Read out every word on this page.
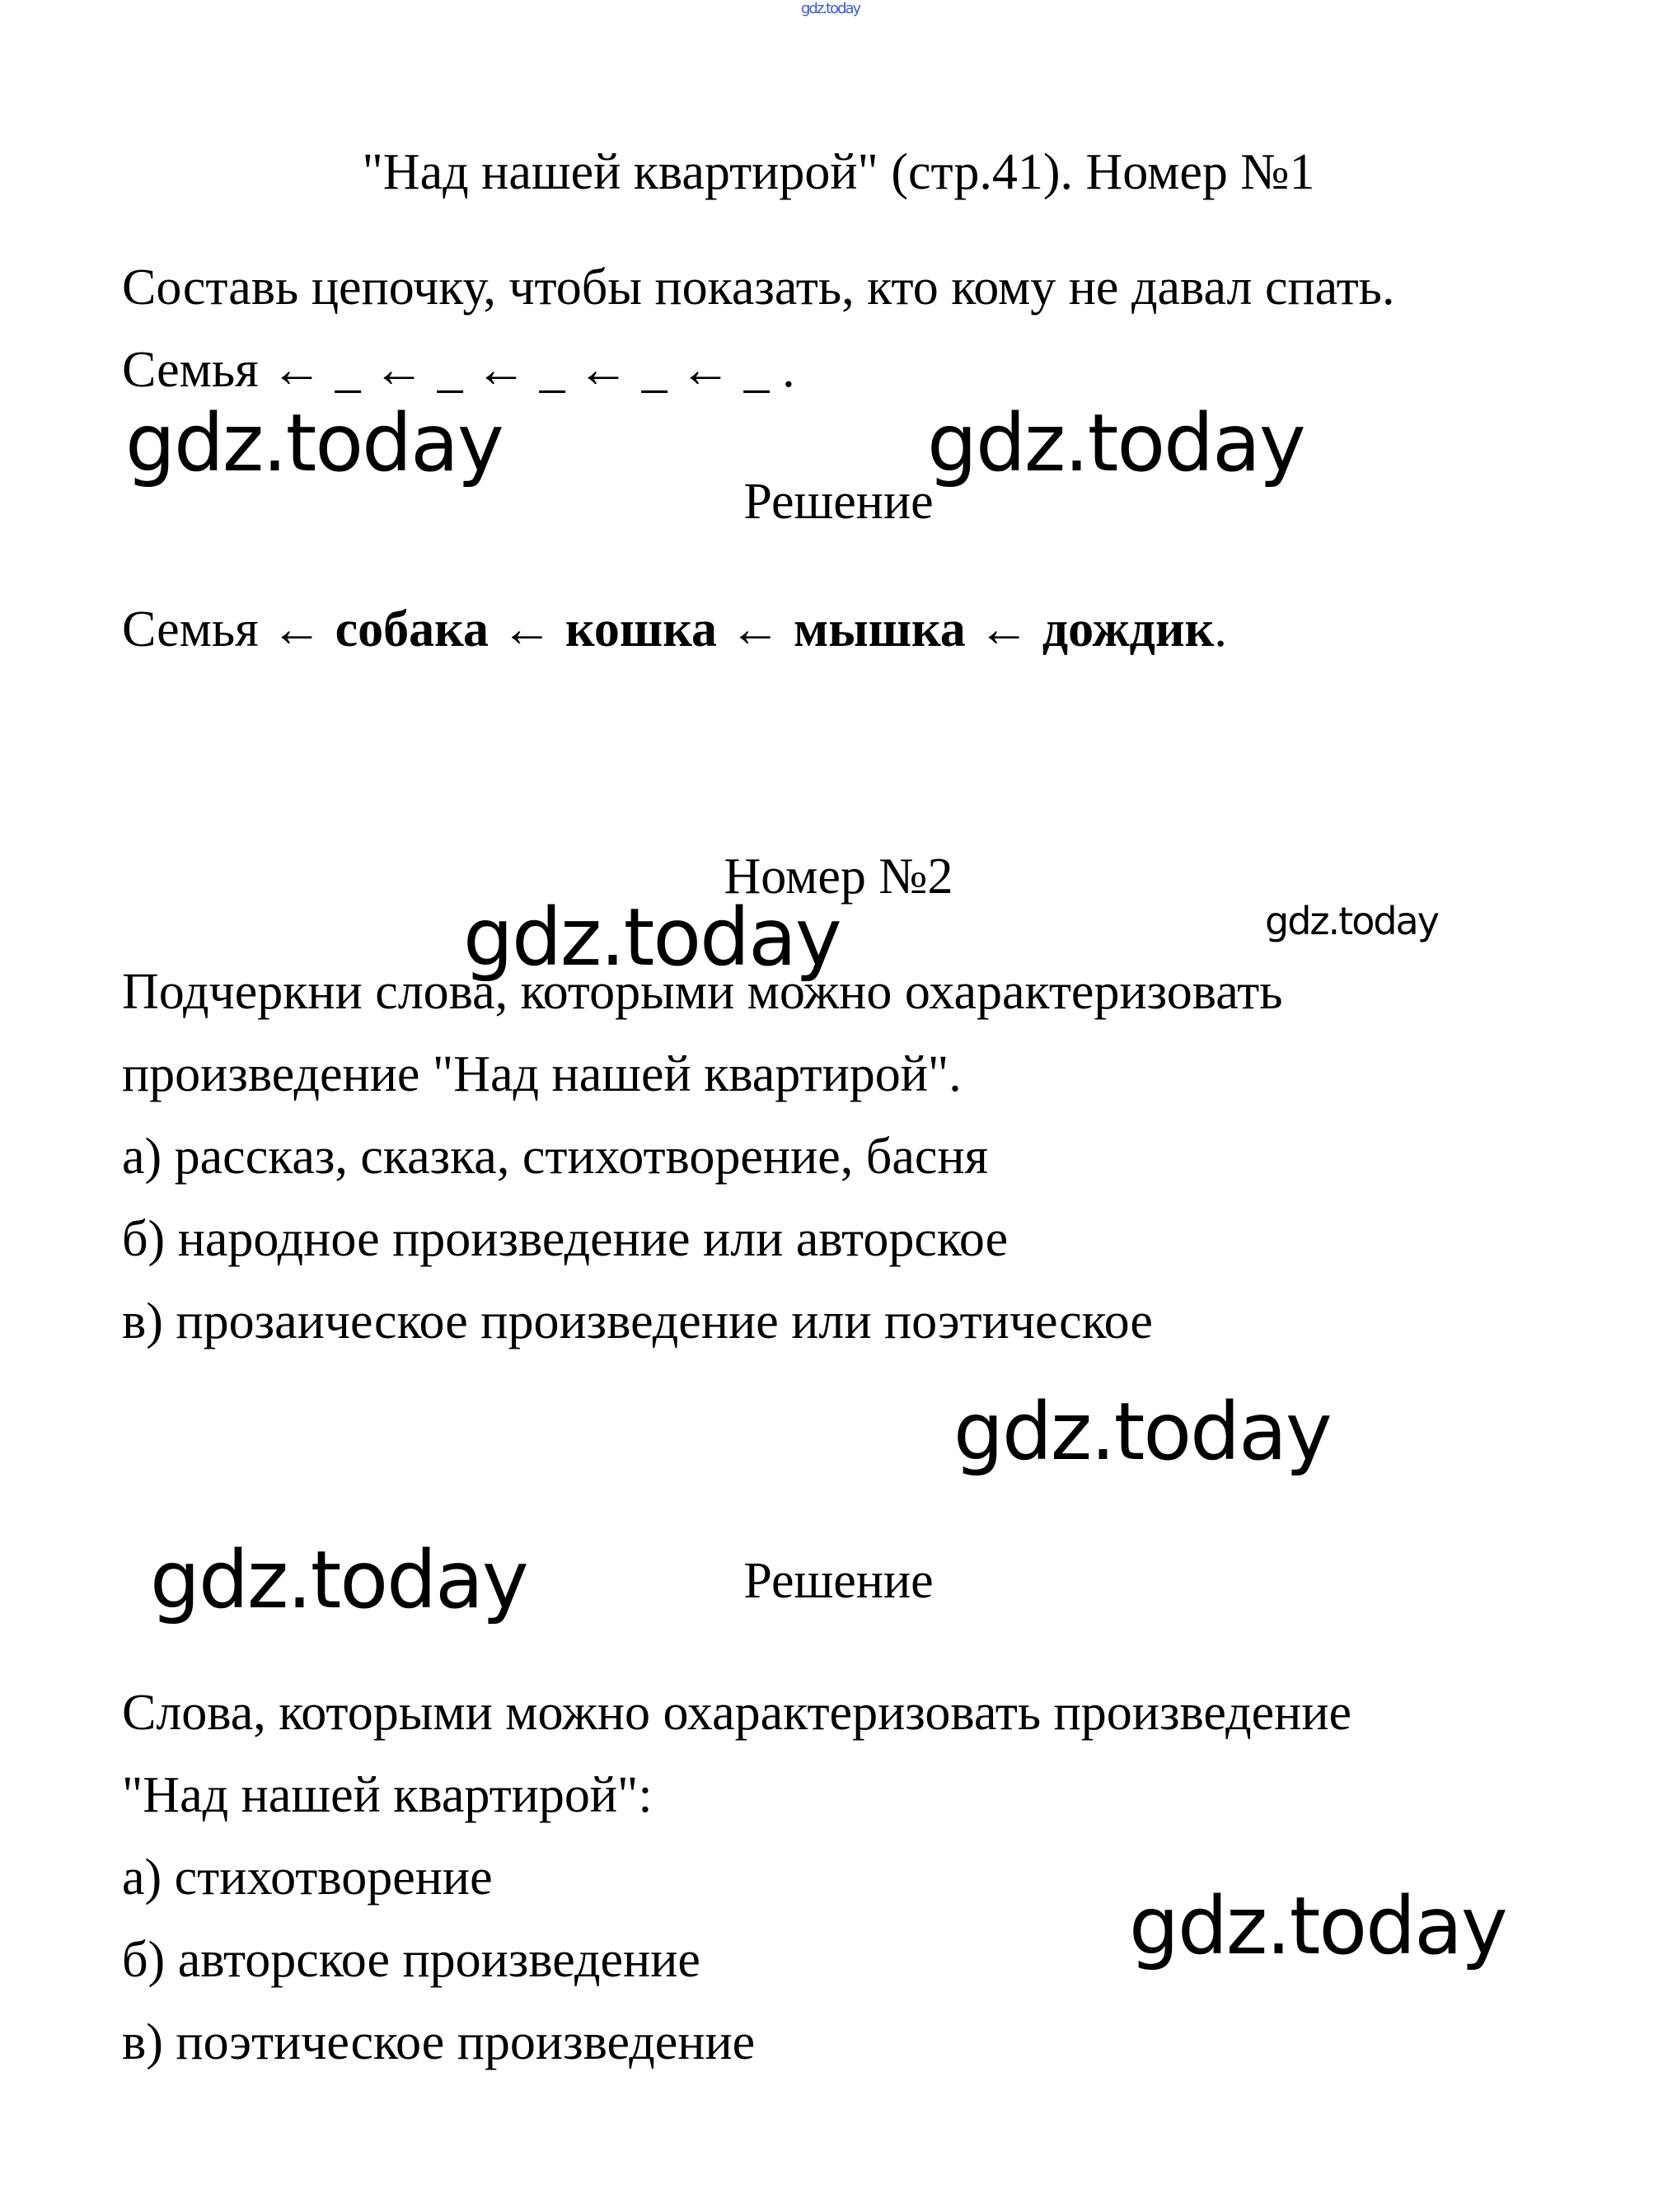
gdz.today
"Над нашей квартирой" (стр.41). Номер №1
Составь цепочку, чтобы показать, кто кому не давал спать.
Семья ← _ ← _ ← _ ← _ ← _ .
gdz.today	gdz.today
Решение
Семья ← собака ← кошка ← мышка ← дождик.
Номер №2
gdz.today	gdz.today
Подчеркни слова, которыми можно охарактеризовать
произведение "Над нашей квартирой".
а) рассказ, сказка, стихотворение, басня
б) народное произведение или авторское
в) прозаическое произведение или поэтическое
gdz.today
gdz.today	Решение
Слова, которыми можно охарактеризовать произведение
"Над нашей квартирой":
а) стихотворение
б) авторское произведение
в) поэтическое произведение
gdz.today
